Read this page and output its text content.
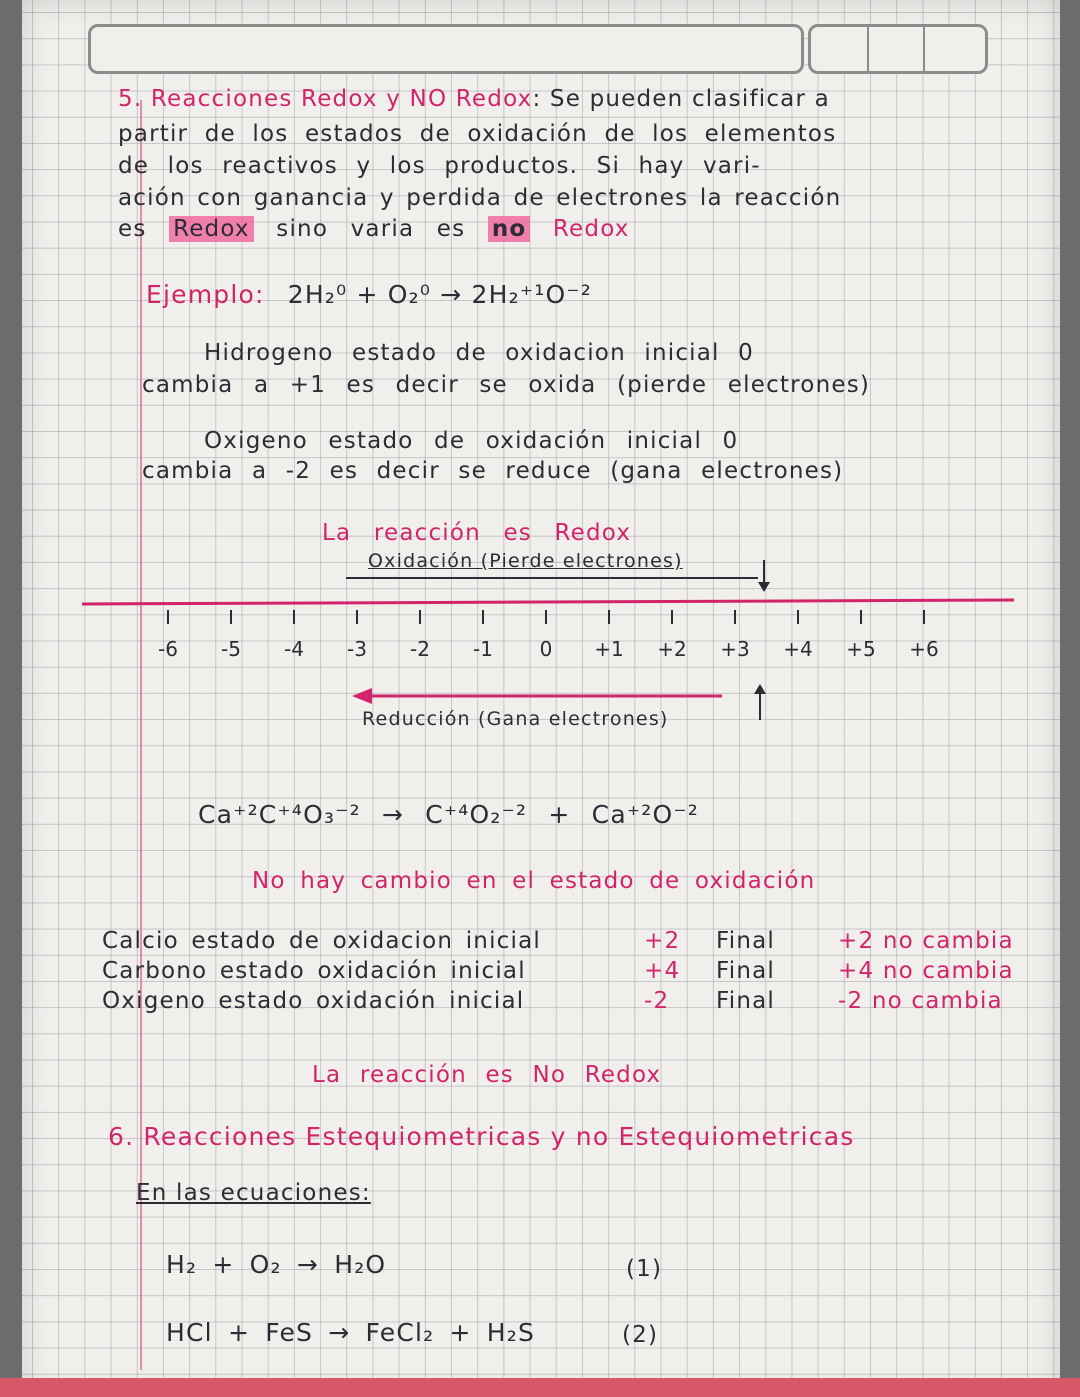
5. Reacciones Redox y NO Redox: Se pueden clasificar a
partir de los estados de oxidación de los elementos
de los reactivos y los productos. Si hay vari-
ación con ganancia y perdida de electrones la reacción
es Redox sino varia es no Redox
Ejemplo: 2H₂⁰ + O₂⁰ → 2H₂⁺¹O⁻²
Hidrogeno estado de oxidacion inicial 0
cambia a +1 es decir se oxida (pierde electrones)
Oxigeno estado de oxidación inicial 0
cambia a -2 es decir se reduce (gana electrones)
La reacción es Redox
Oxidación (Pierde electrones)
-6 -5 -4 -3 -2 -1 0 +1 +2 +3 +4 +5 +6
Reducción (Gana electrones)
Ca⁺²C⁺⁴O₃⁻² → C⁺⁴O₂⁻² + Ca⁺²O⁻²
No hay cambio en el estado de oxidación
Calcio estado de oxidacion inicial	+2 Final	+2 no cambia
Carbono estado oxidación inicial	+4 Final	+4 no cambia
Oxigeno estado oxidación inicial	-2 Final	-2 no cambia
La reacción es No Redox
6. Reacciones Estequiometricas y no Estequiometricas
En las ecuaciones:
H₂ + O₂ → H₂O	(1)
HCl + FeS → FeCl₂ + H₂S	(2)
